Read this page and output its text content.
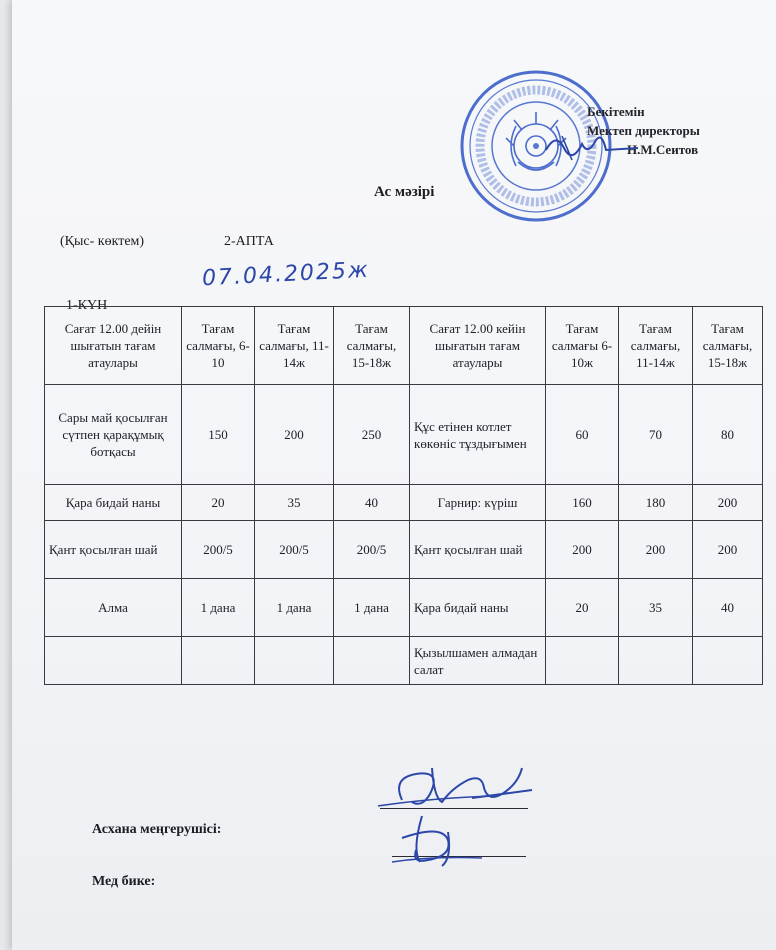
Бекітемін
Мектеп директоры
Н.М.Сеитов
Ас мәзірі
(Қыс- көктем)	2-АПТА
07.04.2025ж
1-КҮН
Сағат 12.00 дейін шығатын тағам атаулары	Тағам салмағы, 6-10	Тағам салмағы, 11-14ж	Тағам салмағы, 15-18ж	Сағат 12.00 кейін шығатын тағам атаулары	Тағам салмағы 6-10ж	Тағам салмағы, 11-14ж	Тағам салмағы, 15-18ж
Сары май қосылған сүтпен қарақұмық ботқасы	150	200	250	Құс етінен котлет көкөніс тұздығымен	60	70	80
Қара бидай наны	20	35	40	Гарнир: күріш	160	180	200
Қант қосылған шай	200/5	200/5	200/5	Қант қосылған шай	200	200	200
Алма	1 дана	1 дана	1 дана	Қара бидай наны	20	35	40
				Қызылшамен алмадан салат			
Асхана меңгерушісі:
Мед бике:
